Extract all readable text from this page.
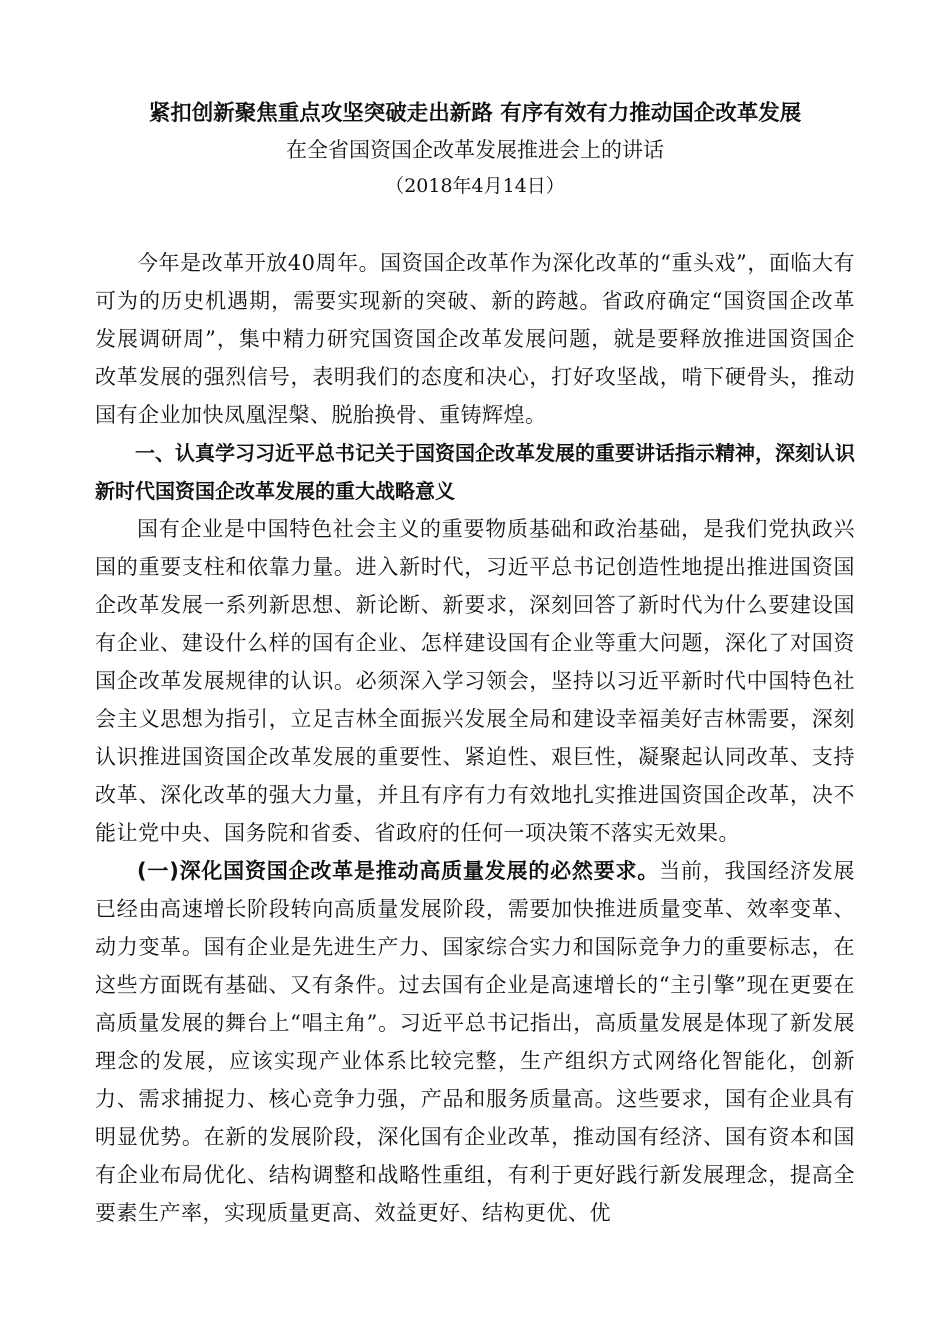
紧扣创新聚焦重点攻坚突破走出新路 有序有效有力推动国企改革发展

在全省国资国企改革发展推进会上的讲话

（2018年4月14日）

今年是改革开放40周年。国资国企改革作为深化改革的“重头戏”，面临大有可为的历史机遇期，需要实现新的突破、新的跨越。省政府确定“国资国企改革发展调研周”，集中精力研究国资国企改革发展问题，就是要释放推进国资国企改革发展的强烈信号，表明我们的态度和决心，打好攻坚战，啃下硬骨头，推动国有企业加快凤凰涅槃、脱胎换骨、重铸辉煌。

一、认真学习习近平总书记关于国资国企改革发展的重要讲话指示精神，深刻认识新时代国资国企改革发展的重大战略意义

国有企业是中国特色社会主义的重要物质基础和政治基础，是我们党执政兴国的重要支柱和依靠力量。进入新时代，习近平总书记创造性地提出推进国资国企改革发展一系列新思想、新论断、新要求，深刻回答了新时代为什么要建设国有企业、建设什么样的国有企业、怎样建设国有企业等重大问题，深化了对国资国企改革发展规律的认识。必须深入学习领会，坚持以习近平新时代中国特色社会主义思想为指引，立足吉林全面振兴发展全局和建设幸福美好吉林需要，深刻认识推进国资国企改革发展的重要性、紧迫性、艰巨性，凝聚起认同改革、支持改革、深化改革的强大力量，并且有序有力有效地扎实推进国资国企改革，决不能让党中央、国务院和省委、省政府的任何一项决策不落实无效果。

(一)深化国资国企改革是推动高质量发展的必然要求。当前，我国经济发展已经由高速增长阶段转向高质量发展阶段，需要加快推进质量变革、效率变革、动力变革。国有企业是先进生产力、国家综合实力和国际竞争力的重要标志，在这些方面既有基础、又有条件。过去国有企业是高速增长的“主引擎”现在更要在高质量发展的舞台上“唱主角”。习近平总书记指出，高质量发展是体现了新发展理念的发展，应该实现产业体系比较完整，生产组织方式网络化智能化，创新力、需求捕捉力、核心竞争力强，产品和服务质量高。这些要求，国有企业具有明显优势。在新的发展阶段，深化国有企业改革，推动国有经济、国有资本和国有企业布局优化、结构调整和战略性重组，有利于更好践行新发展理念，提高全要素生产率，实现质量更高、效益更好、结构更优、优
